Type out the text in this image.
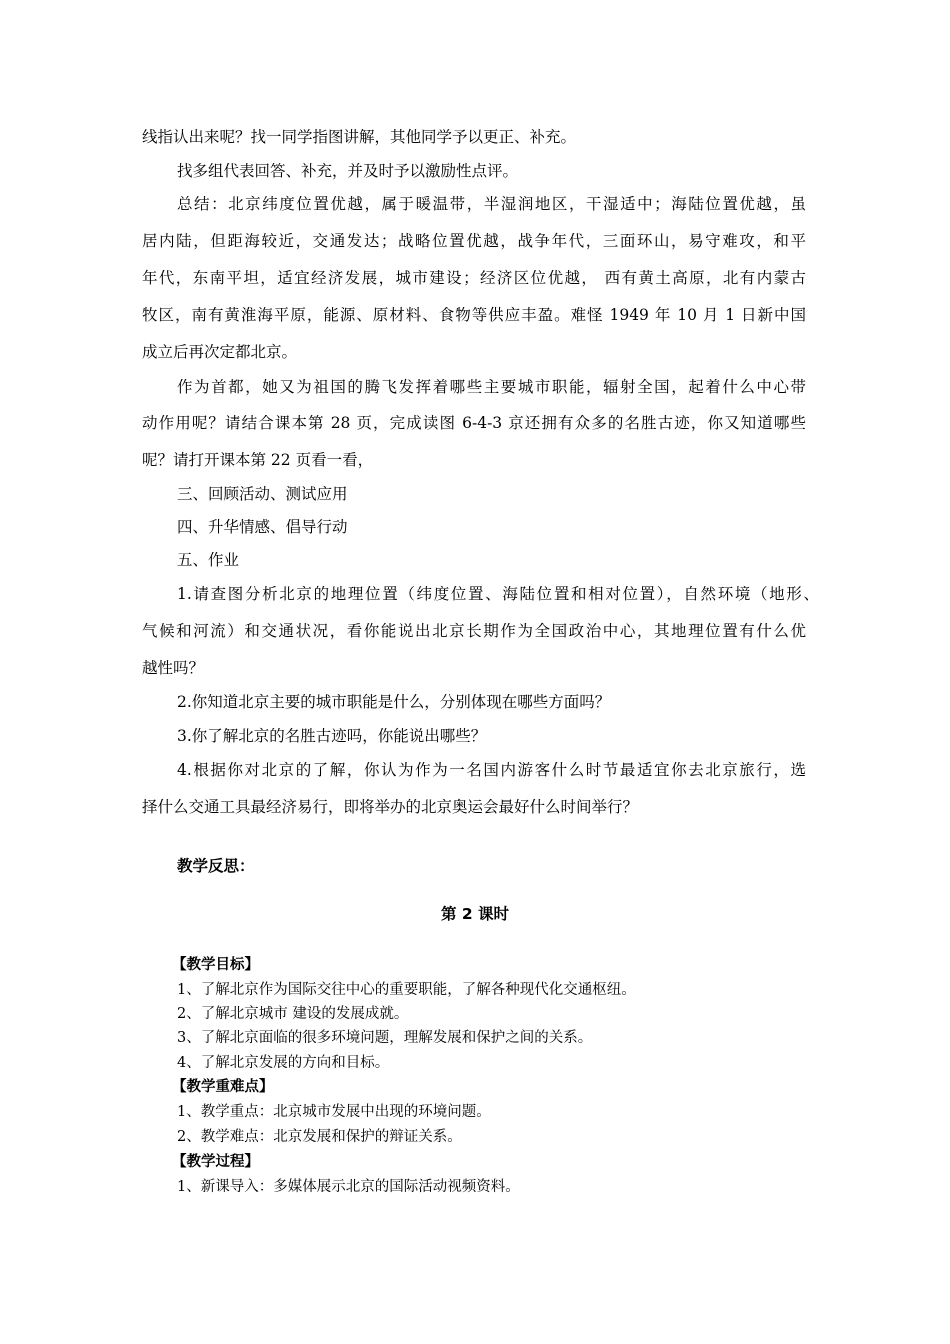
线指认出来呢？找一同学指图讲解，其他同学予以更正、补充。
找多组代表回答、补充，并及时予以激励性点评。
总结：北京纬度位置优越，属于暖温带，半湿润地区，干湿适中；海陆位置优越，虽
居内陆，但距海较近，交通发达；战略位置优越，战争年代，三面环山，易守难攻，和平
年代，东南平坦，适宜经济发展，城市建设；经济区位优越， 西有黄土高原，北有内蒙古
牧区，南有黄淮海平原，能源、原材料、食物等供应丰盈。难怪 1949 年 10 月 1 日新中国
成立后再次定都北京。
作为首都，她又为祖国的腾飞发挥着哪些主要城市职能，辐射全国，起着什么中心带
动作用呢？请结合课本第 28 页，完成读图 6-4-3 京还拥有众多的名胜古迹，你又知道哪些
呢？请打开课本第 22 页看一看，
三、回顾活动、测试应用
四、升华情感、倡导行动
五、作业
1.请查图分析北京的地理位置（纬度位置、海陆位置和相对位置），自然环境（地形、
气候和河流）和交通状况，看你能说出北京长期作为全国政治中心，其地理位置有什么优
越性吗？
2.你知道北京主要的城市职能是什么，分别体现在哪些方面吗？
3.你了解北京的名胜古迹吗，你能说出哪些？
4.根据你对北京的了解，你认为作为一名国内游客什么时节最适宜你去北京旅行，选
择什么交通工具最经济易行，即将举办的北京奥运会最好什么时间举行？
教学反思：
第 2 课时
【教学目标】
1、了解北京作为国际交往中心的重要职能，了解各种现代化交通枢纽。
2、了解北京城市 建设的发展成就。
3、了解北京面临的很多环境问题，理解发展和保护之间的关系。
4、了解北京发展的方向和目标。
【教学重难点】
1、教学重点：北京城市发展中出现的环境问题。
2、教学难点：北京发展和保护的辩证关系。
【教学过程】
1、新课导入：多媒体展示北京的国际活动视频资料。
